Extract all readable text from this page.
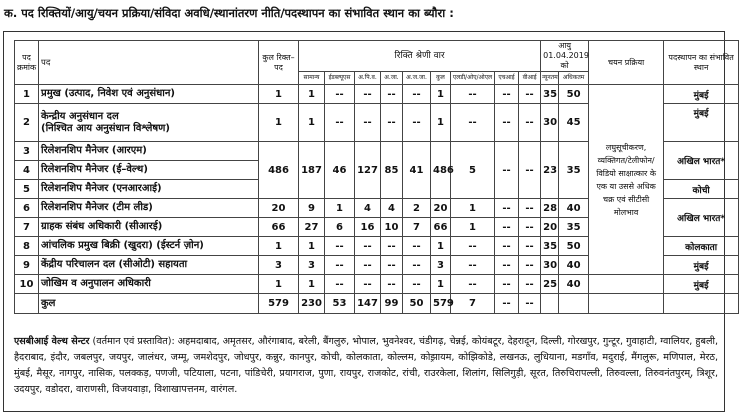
क. पद रिक्तियों/आयु/चयन प्रक्रिया/संविदा अवधि/स्थानांतरण नीति/पदस्थापन का संभावित स्थान का ब्यौरा :
पद क्रमांक	पद	कुल रिक्त–पद	रिक्ति श्रेणी वार									आयु 01.04.2019 को		चयन प्रक्रिया	पदस्थापन का संभावित स्थान
			सामान्य	ईडब्ल्यूएस	अ.पि.व.	अ.जा.	अ.ज.जा.	कुल	एलडी/ओए/ओएल	एचआई	वीआई	न्यूनतम	अधिकतम		
1	प्रमुख (उत्पाद, निवेश एवं अनुसंधान)	1	1	--	--	--	--	1	--	--	--	35	50	लघुसूचीकरण, व्यक्तिगत/टेलीफोन/विडियो साक्षात्कार के एक या उससे अधिक चक्र एवं सीटीसी मोलभाव	मुंबई
2	केन्द्रीय अनुसंधान दल
(निश्चित आय अनुसंधान विश्लेषण)	1	1	--	--	--	--	1	--	--	--	30	45		मुंबई
3	रिलेशनशिप मैनेजर (आरएम)	486	187	46	127	85	41	486	5	--	--	23	35		अखिल भारत*
4	रिलेशनशिप मैनेजर (ई–वेल्थ)														
5	रिलेशनशिप मैनेजर (एनआरआई)														कोची
6	रिलेशनशिप मैनेजर (टीम लीड)	20	9	1	4	4	2	20	1	--	--	28	40		अखिल भारत*
7	ग्राहक संबंध अधिकारी (सीआरई)	66	27	6	16	10	7	66	1	--	--	20	35		
8	आंचलिक प्रमुख बिक्री (खुदरा) (ईस्टर्न ज़ोन)	1	1	--	--	--	--	1	--	--	--	35	50		कोलकाता
9	केंद्रीय परिचालन दल (सीओटी) सहायता	3	3	--	--	--	--	3	--	--	--	30	40		मुंबई
10	जोखिम व अनुपालन अधिकारी	1	1	--	--	--	--	1	--	--	--	25	40		मुंबई
	कुल	579	230	53	147	99	50	579	7	--	--				
एसबीआई वेल्थ सेन्टर (वर्तमान एवं प्रस्तावित): अहमदाबाद, अमृतसर, औरंगाबाद, बरेली, बैंगलुरु, भोपाल, भुवनेश्वर, चंडीगढ़, चेन्नई, कोयंबटूर, देहरादून, दिल्ली, गोरखपुर, गुन्टूर, गुवाहाटी, ग्वालियर, हुबली, हैदराबाद, इंदौर, जबलपुर, जयपुर, जालंधर, जम्मू, जमशेदपुर, जोधपुर, कन्नुर, कानपुर, कोची, कोलकाता, कोल्लम, कोझ़ायम, कोझिकोडे, लखनऊ, लुधियाना, मडगाँव, मदुराई, मैंगलुरू, मणिपाल, मेरठ, मुंबई, मैसूर, नागपुर, नासिक, पलक्कड़, पणजी, पटियाला, पटना, पांडिचेरी, प्रयागराज, पुणा, रायपुर, राजकोट, रांची, राउरकेला, शिलांग, सिलिगुड़ी, सूरत, तिरुचिरापल्ली, तिरुवल्ला, तिरुवनंतपुरम्, त्रिशूर, उदयपुर, वडोदरा, वाराणसी, विजयवाड़ा, विशाखापत्तनम, वारंगल.
